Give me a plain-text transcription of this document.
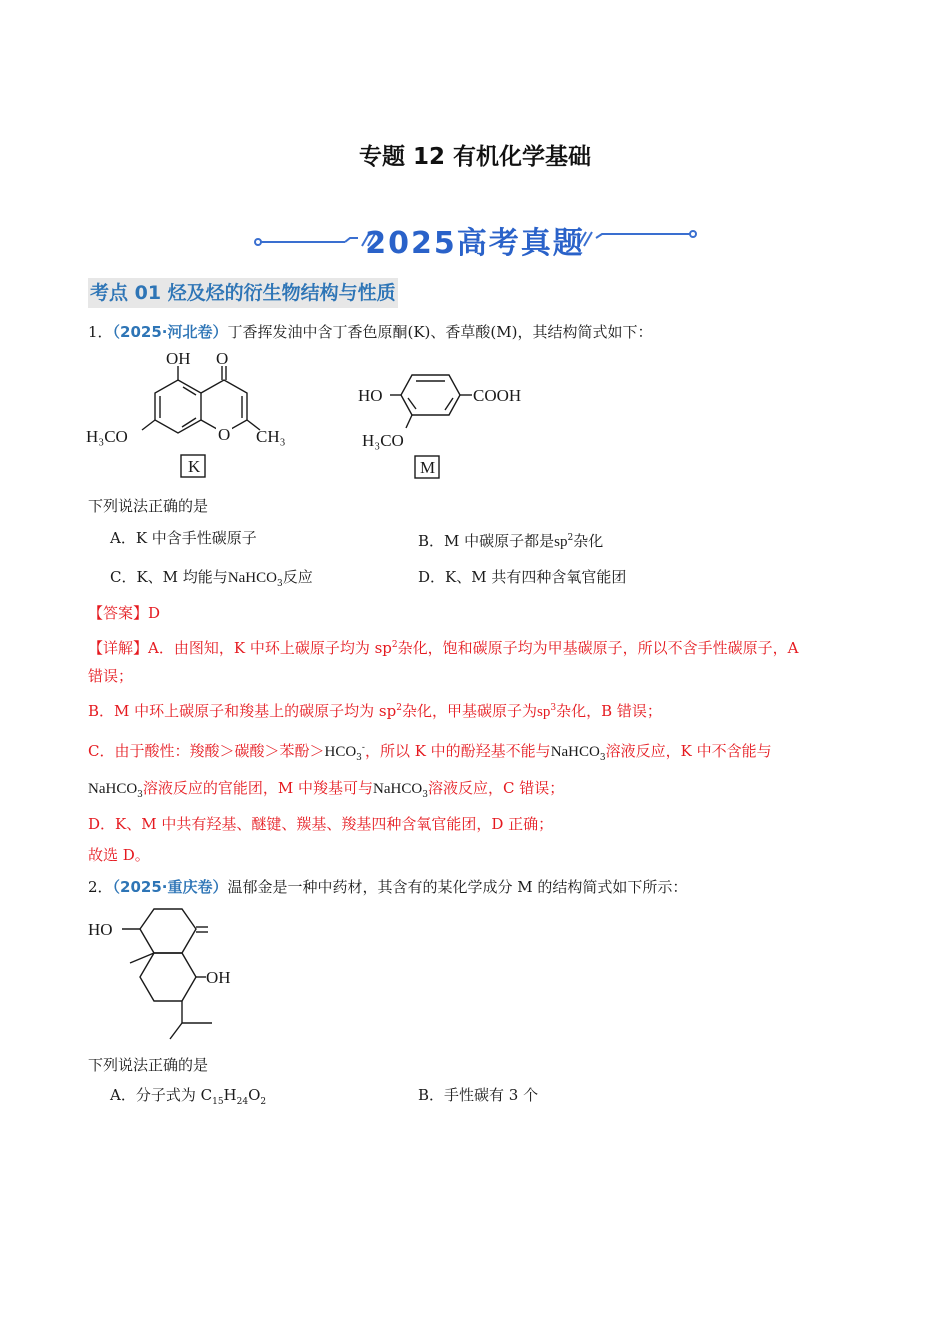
专题 12 有机化学基础
2025高考真题
考点 01 烃及烃的衍生物结构与性质
1．（2025·河北卷）丁香挥发油中含丁香色原酮(K)、香草酸(M)，其结构简式如下：
OH O
H₃CO	O CH₃
K
HO	COOH
H₃CO
M
下列说法正确的是
A．K 中含手性碳原子	B．M 中碳原子都是$sp^2$杂化
C．K、M 均能与NaHCO$_3$反应	D．K、M 共有四种含氧官能团
【答案】D
【详解】A．由图知，K 中环上碳原子均为 $sp^2$杂化，饱和碳原子均为甲基碳原子，所以不含手性碳原子，A
错误；
B．M 中环上碳原子和羧基上的碳原子均为 $sp^2$杂化，甲基碳原子为$sp^3$杂化，B 错误；
C．由于酸性：羧酸＞碳酸＞苯酚$>HCO_3^-$，所以 K 中的酚羟基不能与NaHCO$_3$溶液反应，K 中不含能与
NaHCO$_3$溶液反应的官能团，M 中羧基可与NaHCO$_3$溶液反应，C 错误；
D．K、M 中共有羟基、醚键、羰基、羧基四种含氧官能团，D 正确；
故选 D。
2．（2025·重庆卷）温郁金是一种中药材，其含有的某化学成分 M 的结构简式如下所示：
HO
OH
下列说法正确的是
A．分子式为 $C_{15}H_{24}O_2$	B．手性碳有 3 个
